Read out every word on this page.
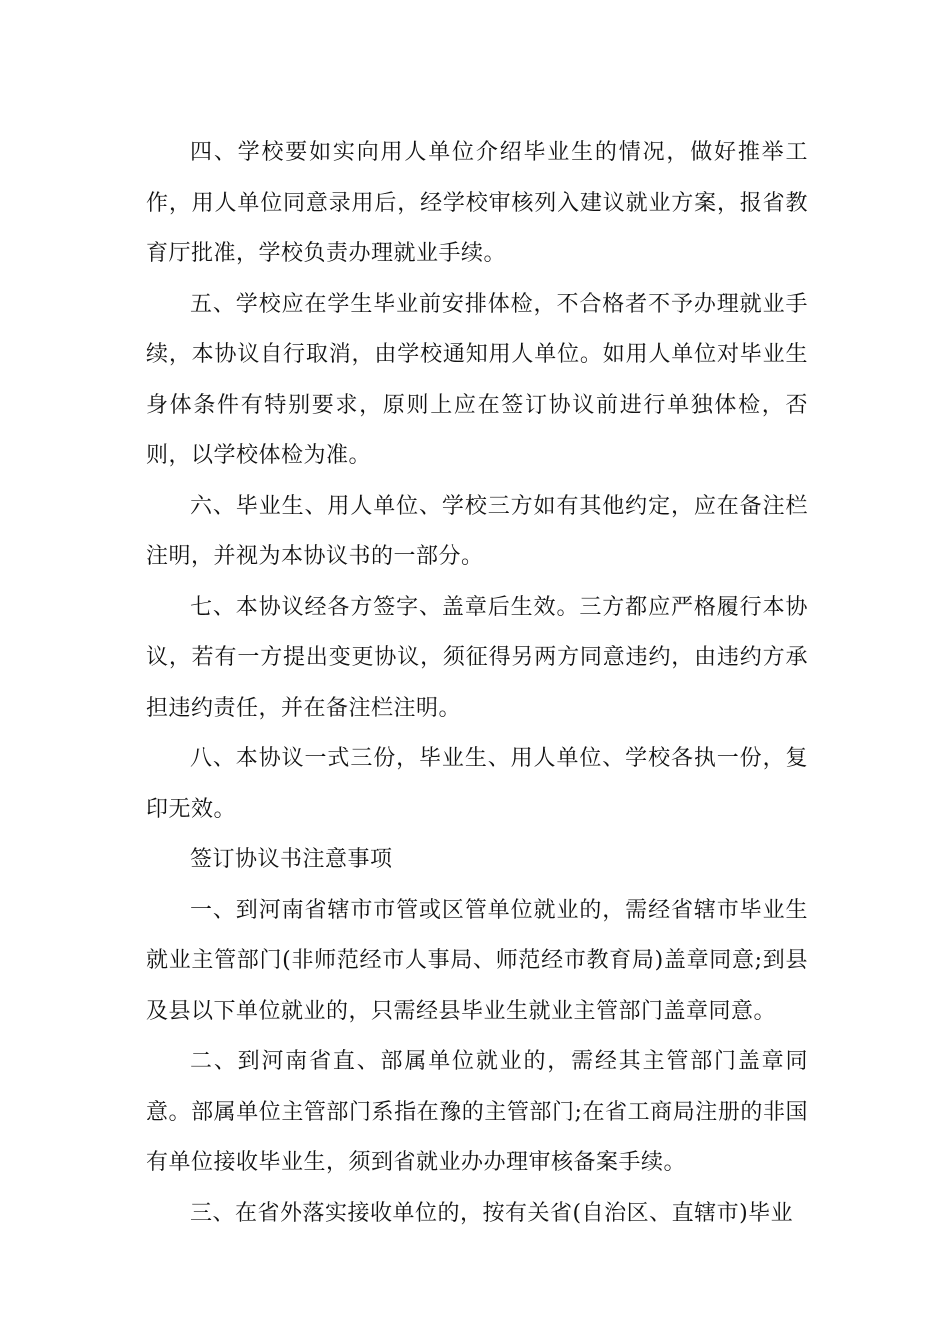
四、学校要如实向用人单位介绍毕业生的情况，做好推举工作，用人单位同意录用后，经学校审核列入建议就业方案，报省教育厅批准，学校负责办理就业手续。

五、学校应在学生毕业前安排体检，不合格者不予办理就业手续，本协议自行取消，由学校通知用人单位。如用人单位对毕业生身体条件有特别要求，原则上应在签订协议前进行单独体检，否则，以学校体检为准。

六、毕业生、用人单位、学校三方如有其他约定，应在备注栏注明，并视为本协议书的一部分。

七、本协议经各方签字、盖章后生效。三方都应严格履行本协议，若有一方提出变更协议，须征得另两方同意违约，由违约方承担违约责任，并在备注栏注明。

八、本协议一式三份，毕业生、用人单位、学校各执一份，复印无效。

签订协议书注意事项

一、到河南省辖市市管或区管单位就业的，需经省辖市毕业生就业主管部门(非师范经市人事局、师范经市教育局)盖章同意;到县及县以下单位就业的，只需经县毕业生就业主管部门盖章同意。

二、到河南省直、部属单位就业的，需经其主管部门盖章同意。部属单位主管部门系指在豫的主管部门;在省工商局注册的非国有单位接收毕业生，须到省就业办办理审核备案手续。

三、在省外落实接收单位的，按有关省(自治区、直辖市)毕业
